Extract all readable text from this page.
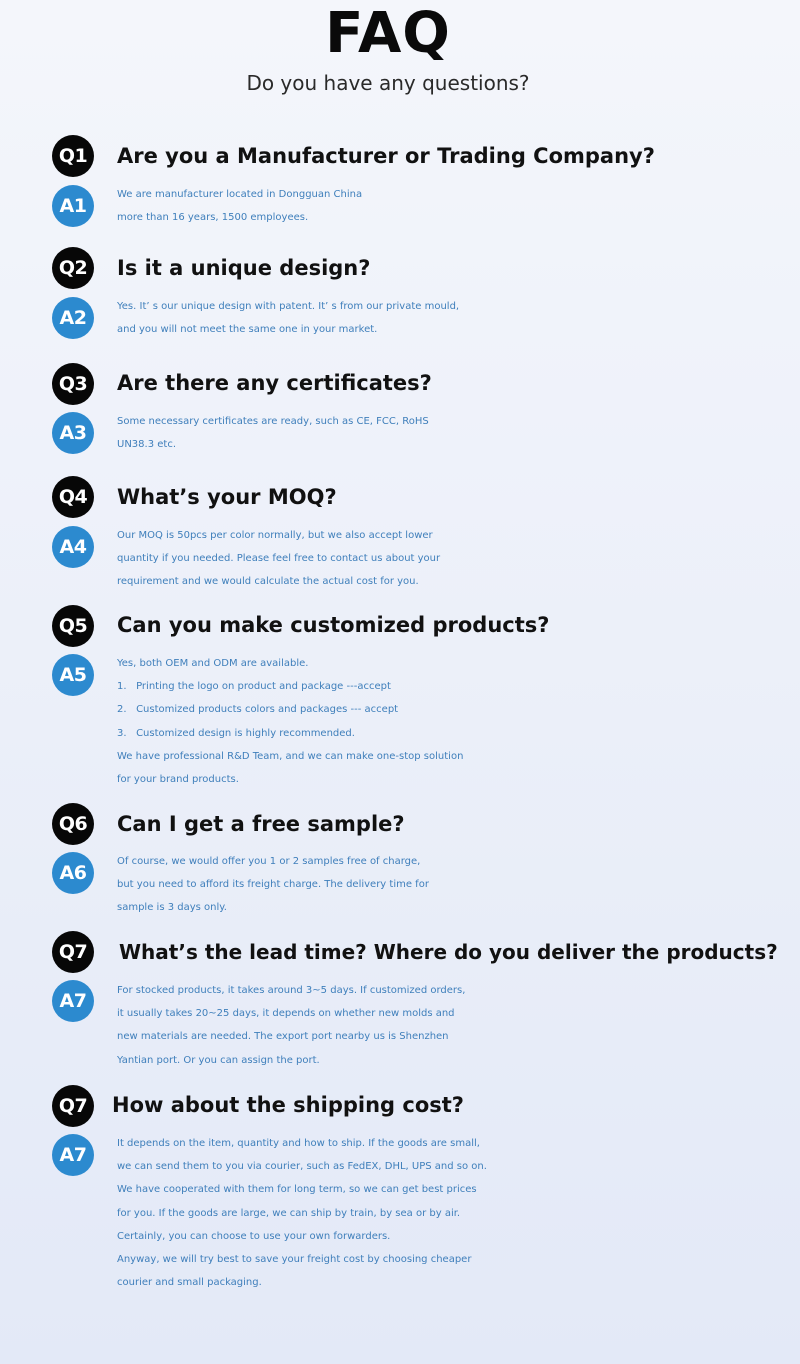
FAQ
Do you have any questions?
Q1	Are you a Manufacturer or Trading Company?
A1
We are manufacturer located in Dongguan China
more than 16 years, 1500 employees.
Q2	Is it a unique design?
A2
Yes. It’ s our unique design with patent. It’ s from our private mould,
and you will not meet the same one in your market.
Q3	Are there any certificates?
A3
Some necessary certificates are ready, such as CE, FCC, RoHS
UN38.3 etc.
Q4	What’s your MOQ?
A4
Our MOQ is 50pcs per color normally, but we also accept lower
quantity if you needed. Please feel free to contact us about your
requirement and we would calculate the actual cost for you.
Q5	Can you make customized products?
A5
Yes, both OEM and ODM are available.
1.   Printing the logo on product and package ---accept
2.   Customized products colors and packages --- accept
3.   Customized design is highly recommended.
We have professional R&D Team, and we can make one-stop solution
for your brand products.
Q6	Can I get a free sample?
A6
Of course, we would offer you 1 or 2 samples free of charge,
but you need to afford its freight charge. The delivery time for
sample is 3 days only.
Q7	What’s the lead time? Where do you deliver the products?
A7	For stocked products, it takes around 3~5 days. If customized orders,
it usually takes 20~25 days, it depends on whether new molds and
new materials are needed. The export port nearby us is Shenzhen
Yantian port. Or you can assign the port.
Q7	How about the shipping cost?
A7
It depends on the item, quantity and how to ship. If the goods are small,
we can send them to you via courier, such as FedEX, DHL, UPS and so on.
We have cooperated with them for long term, so we can get best prices
for you. If the goods are large, we can ship by train, by sea or by air.
Certainly, you can choose to use your own forwarders.
Anyway, we will try best to save your freight cost by choosing cheaper
courier and small packaging.
